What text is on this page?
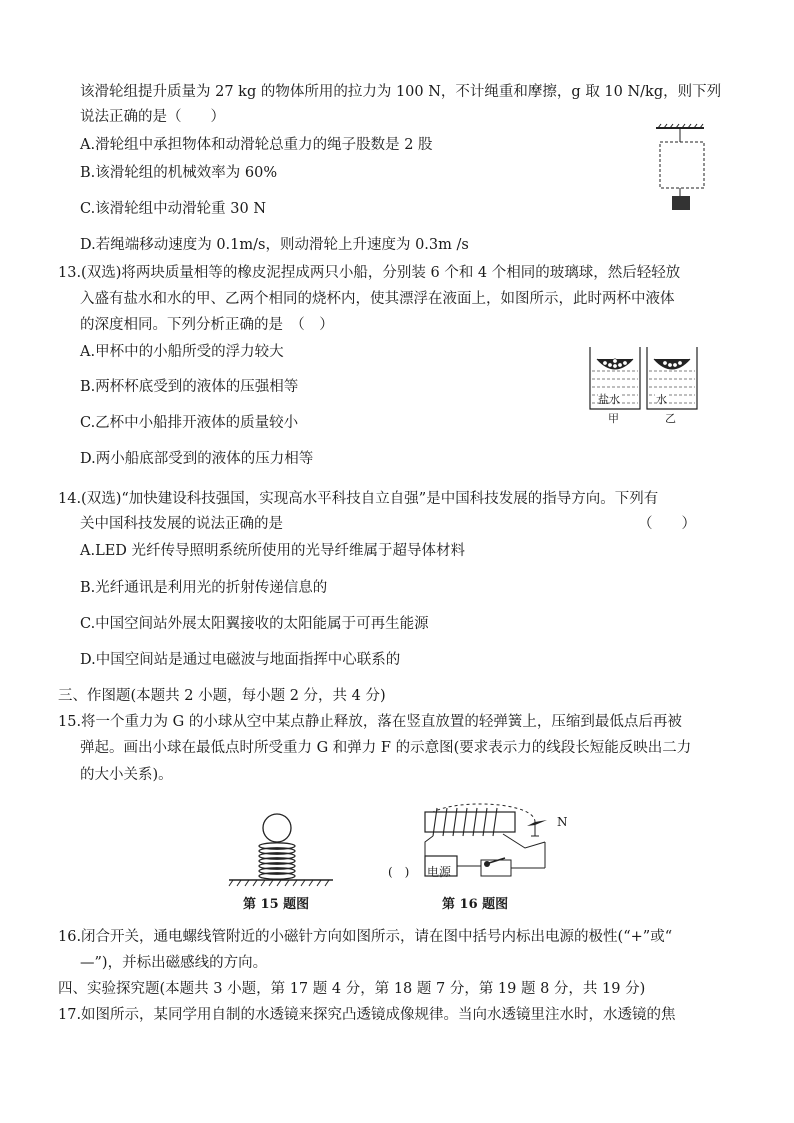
该滑轮组提升质量为 27 kg 的物体所用的拉力为 100 N，不计绳重和摩擦，g 取 10 N/kg，则下列
说法正确的是（　　）
A.滑轮组中承担物体和动滑轮总重力的绳子股数是 2 股
B.该滑轮组的机械效率为 60%
C.该滑轮组中动滑轮重 30 N
D.若绳端移动速度为 0.1m/s，则动滑轮上升速度为 0.3m /s
13.(双选)将两块质量相等的橡皮泥捏成两只小船，分别装 6 个和 4 个相同的玻璃球，然后轻轻放
入盛有盐水和水的甲、乙两个相同的烧杯内，使其漂浮在液面上，如图所示，此时两杯中液体
的深度相同。下列分析正确的是　（　）
A.甲杯中的小船所受的浮力较大
B.两杯杯底受到的液体的压强相等
C.乙杯中小船排开液体的质量较小
D.两小船底部受到的液体的压力相等
盐水	水
甲	乙
14.(双选)“加快建设科技强国，实现高水平科技自立自强”是中国科技发展的指导方向。下列有
关中国科技发展的说法正确的是	（　　）
A.LED 光纤传导照明系统所使用的光导纤维属于超导体材料
B.光纤通讯是利用光的折射传递信息的
C.中国空间站外展太阳翼接收的太阳能属于可再生能源
D.中国空间站是通过电磁波与地面指挥中心联系的
三、作图题(本题共 2 小题，每小题 2 分，共 4 分)
15.将一个重力为 G 的小球从空中某点静止释放，落在竖直放置的轻弹簧上，压缩到最低点后再被
弹起。画出小球在最低点时所受重力 G 和弹力 F 的示意图(要求表示力的线段长短能反映出二力
的大小关系)。
第 15 题图
电源
(　)
N
第 16 题图
16.闭合开关，通电螺线管附近的小磁针方向如图所示，请在图中括号内标出电源的极性(“+”或“
—”)，并标出磁感线的方向。
四、实验探究题(本题共 3 小题，第 17 题 4 分，第 18 题 7 分，第 19 题 8 分，共 19 分)
17.如图所示，某同学用自制的水透镜来探究凸透镜成像规律。当向水透镜里注水时，水透镜的焦
